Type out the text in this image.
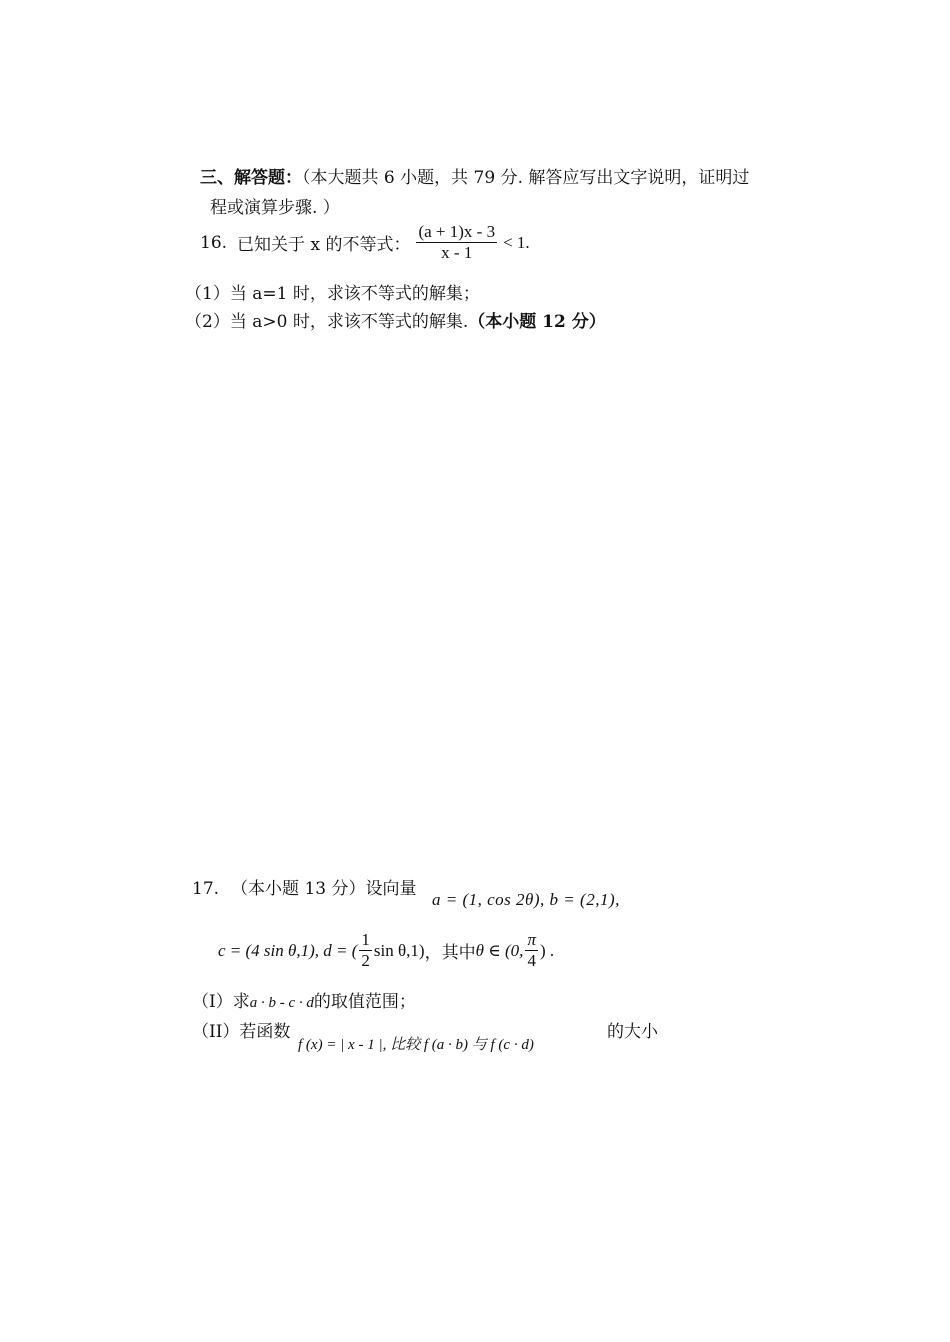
三、解答题：（本大题共 6 小题，共 79 分. 解答应写出文字说明，证明过
程或演算步骤. ）
16. 已知关于 x 的不等式： $\frac{(a + 1)x - 3}{x - 1} < 1$.
（1）当 a=1 时，求该不等式的解集；
（2）当 a>0 时，求该不等式的解集.（本小题 12 分）
17. （本小题 13 分）设向量
a = (1, cos 2θ), b = (2,1),
c = (4 sin θ,1), d = ( $\frac{1}{2}$ sin θ,1) ，其中 θ ∈ (0, $\frac{\pi}{4}$ ) .
（I）求a · b - c · d的取值范围；
（II）若函数
f (x) = | x - 1 |, 比较 f (a · b) 与 f (c · d)
的大小
